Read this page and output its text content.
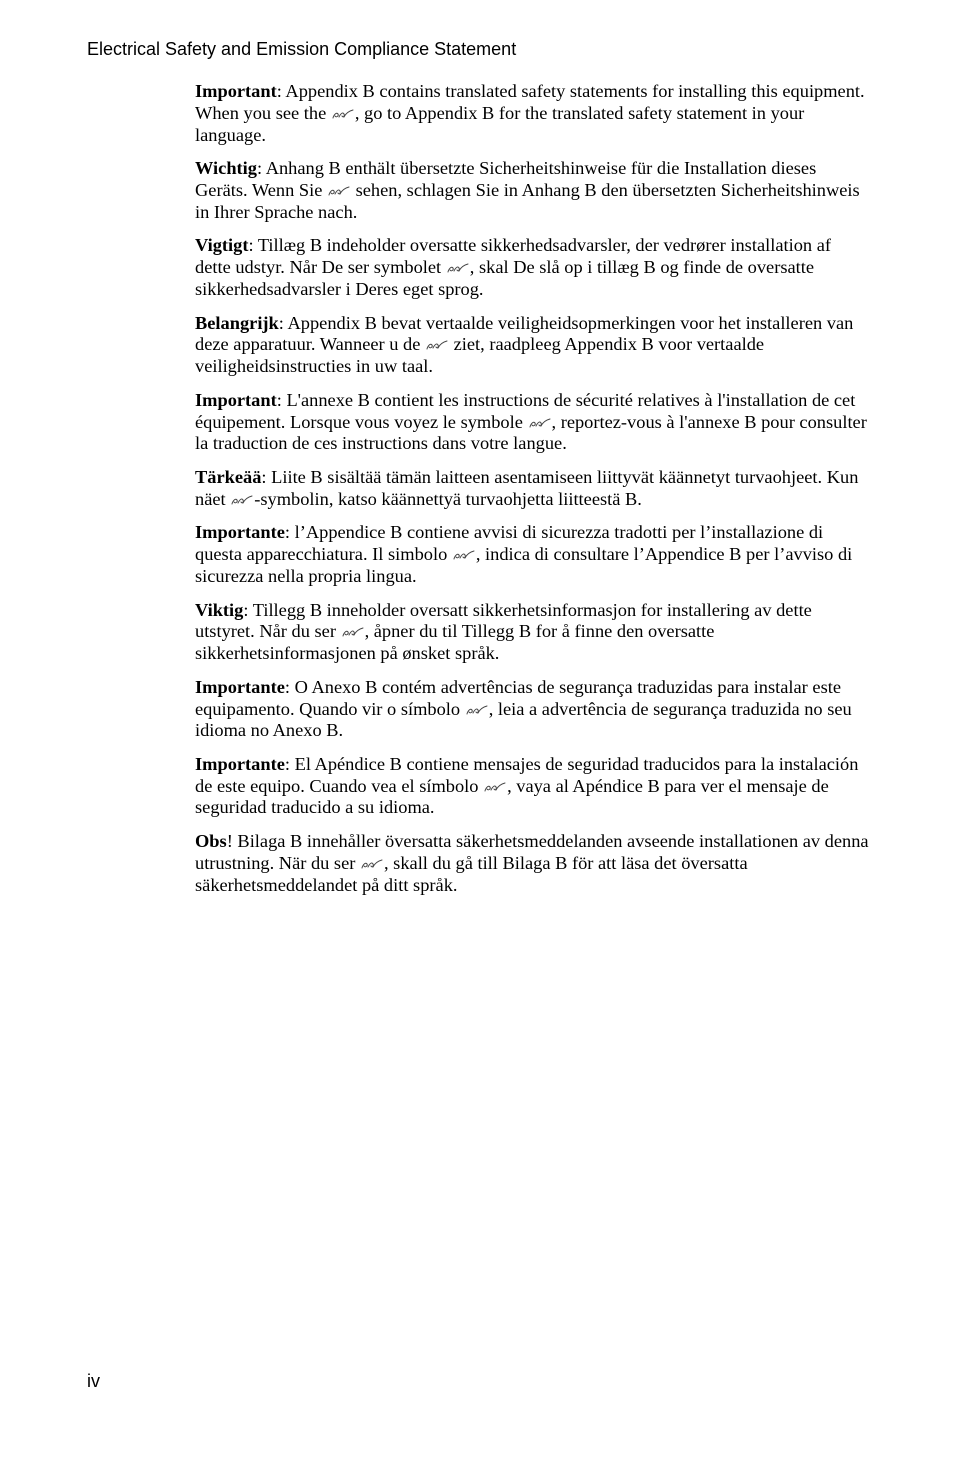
Electrical Safety and Emission Compliance Statement

Important: Appendix B contains translated safety statements for installing this equipment. When you see the
, go to Appendix B for the translated safety statement in your language.

Wichtig: Anhang B enthält übersetzte Sicherheitshinweise für die Installation dieses Geräts. Wenn Sie
sehen, schlagen Sie in Anhang B den übersetzten Sicherheitshinweis in Ihrer Sprache nach.

Vigtigt: Tillæg B indeholder oversatte sikkerhedsadvarsler, der vedrører installation af dette udstyr. Når De ser symbolet
, skal De slå op i tillæg B og finde de oversatte sikkerhedsadvarsler i Deres eget sprog.

Belangrijk: Appendix B bevat vertaalde veiligheidsopmerkingen voor het installeren van deze apparatuur. Wanneer u de
ziet, raadpleeg Appendix B voor vertaalde veiligheidsinstructies in uw taal.

Important: L'annexe B contient les instructions de sécurité relatives à l'installation de cet équipement. Lorsque vous voyez le symbole
, reportez-vous à l'annexe B pour consulter la traduction de ces instructions dans votre langue.

Tärkeää: Liite B sisältää tämän laitteen asentamiseen liittyvät käännetyt turvaohjeet. Kun näet
-symbolin, katso käännettyä turvaohjetta liitteestä B.

Importante: l’Appendice B contiene avvisi di sicurezza tradotti per l’installazione di questa apparecchiatura. Il simbolo
, indica di consultare l’Appendice B per l’avviso di sicurezza nella propria lingua.

Viktig: Tillegg B inneholder oversatt sikkerhetsinformasjon for installering av dette utstyret. Når du ser
, åpner du til Tillegg B for å finne den oversatte sikkerhetsinformasjonen på ønsket språk.

Importante: O Anexo B contém advertências de segurança traduzidas para instalar este equipamento. Quando vir o símbolo
, leia a advertência de segurança traduzida no seu idioma no Anexo B.

Importante: El Apéndice B contiene mensajes de seguridad traducidos para la instalación de este equipo. Cuando vea el símbolo
, vaya al Apéndice B para ver el mensaje de seguridad traducido a su idioma.

Obs! Bilaga B innehåller översatta säkerhetsmeddelanden avseende installationen av denna utrustning. När du ser
, skall du gå till Bilaga B för att läsa det översatta säkerhetsmeddelandet på ditt språk.

iv
